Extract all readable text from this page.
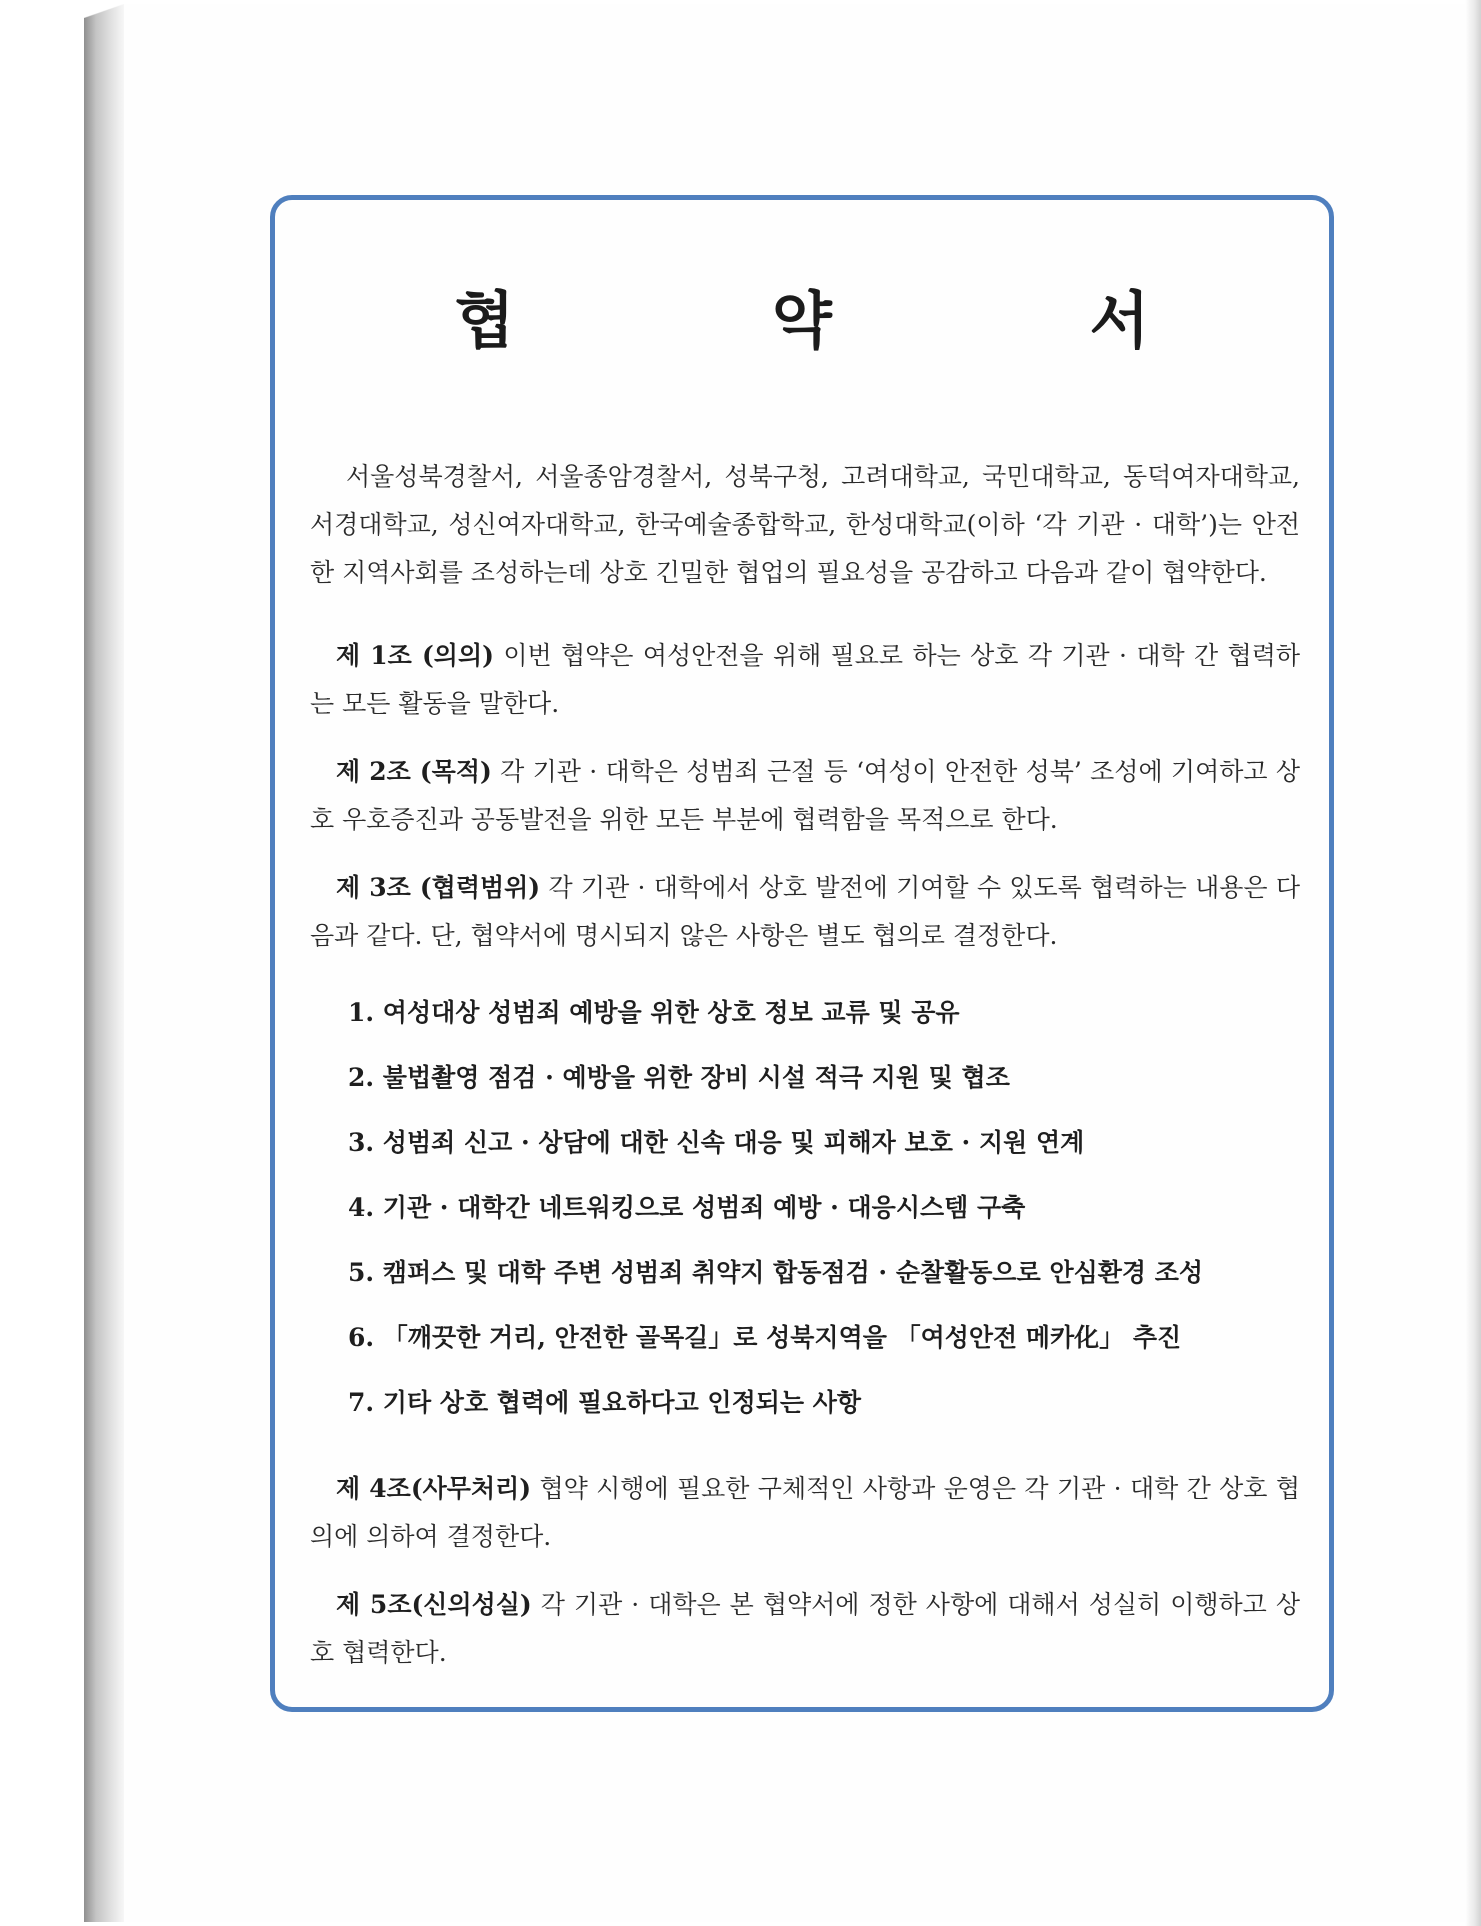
협 약 서

서울성북경찰서, 서울종암경찰서, 성북구청, 고려대학교, 국민대학교, 동덕여자대학교, 서경대학교, 성신여자대학교, 한국예술종합학교, 한성대학교(이하 ‘각 기관 · 대학’)는 안전한 지역사회를 조성하는데 상호 긴밀한 협업의 필요성을 공감하고 다음과 같이 협약한다.

제 1조 (의의) 이번 협약은 여성안전을 위해 필요로 하는 상호 각 기관 · 대학 간 협력하는 모든 활동을 말한다.

제 2조 (목적) 각 기관 · 대학은 성범죄 근절 등 ‘여성이 안전한 성북’ 조성에 기여하고 상호 우호증진과 공동발전을 위한 모든 부분에 협력함을 목적으로 한다.

제 3조 (협력범위) 각 기관 · 대학에서 상호 발전에 기여할 수 있도록 협력하는 내용은 다음과 같다. 단, 협약서에 명시되지 않은 사항은 별도 협의로 결정한다.

1. 여성대상 성범죄 예방을 위한 상호 정보 교류 및 공유
2. 불법촬영 점검 · 예방을 위한 장비 시설 적극 지원 및 협조
3. 성범죄 신고 · 상담에 대한 신속 대응 및 피해자 보호 · 지원 연계
4. 기관 · 대학간 네트워킹으로 성범죄 예방 · 대응시스템 구축
5. 캠퍼스 및 대학 주변 성범죄 취약지 합동점검 · 순찰활동으로 안심환경 조성
6. 「깨끗한 거리, 안전한 골목길」로 성북지역을 「여성안전 메카化」 추진
7. 기타 상호 협력에 필요하다고 인정되는 사항

제 4조(사무처리) 협약 시행에 필요한 구체적인 사항과 운영은 각 기관 · 대학 간 상호 협의에 의하여 결정한다.

제 5조(신의성실) 각 기관 · 대학은 본 협약서에 정한 사항에 대해서 성실히 이행하고 상호 협력한다.
